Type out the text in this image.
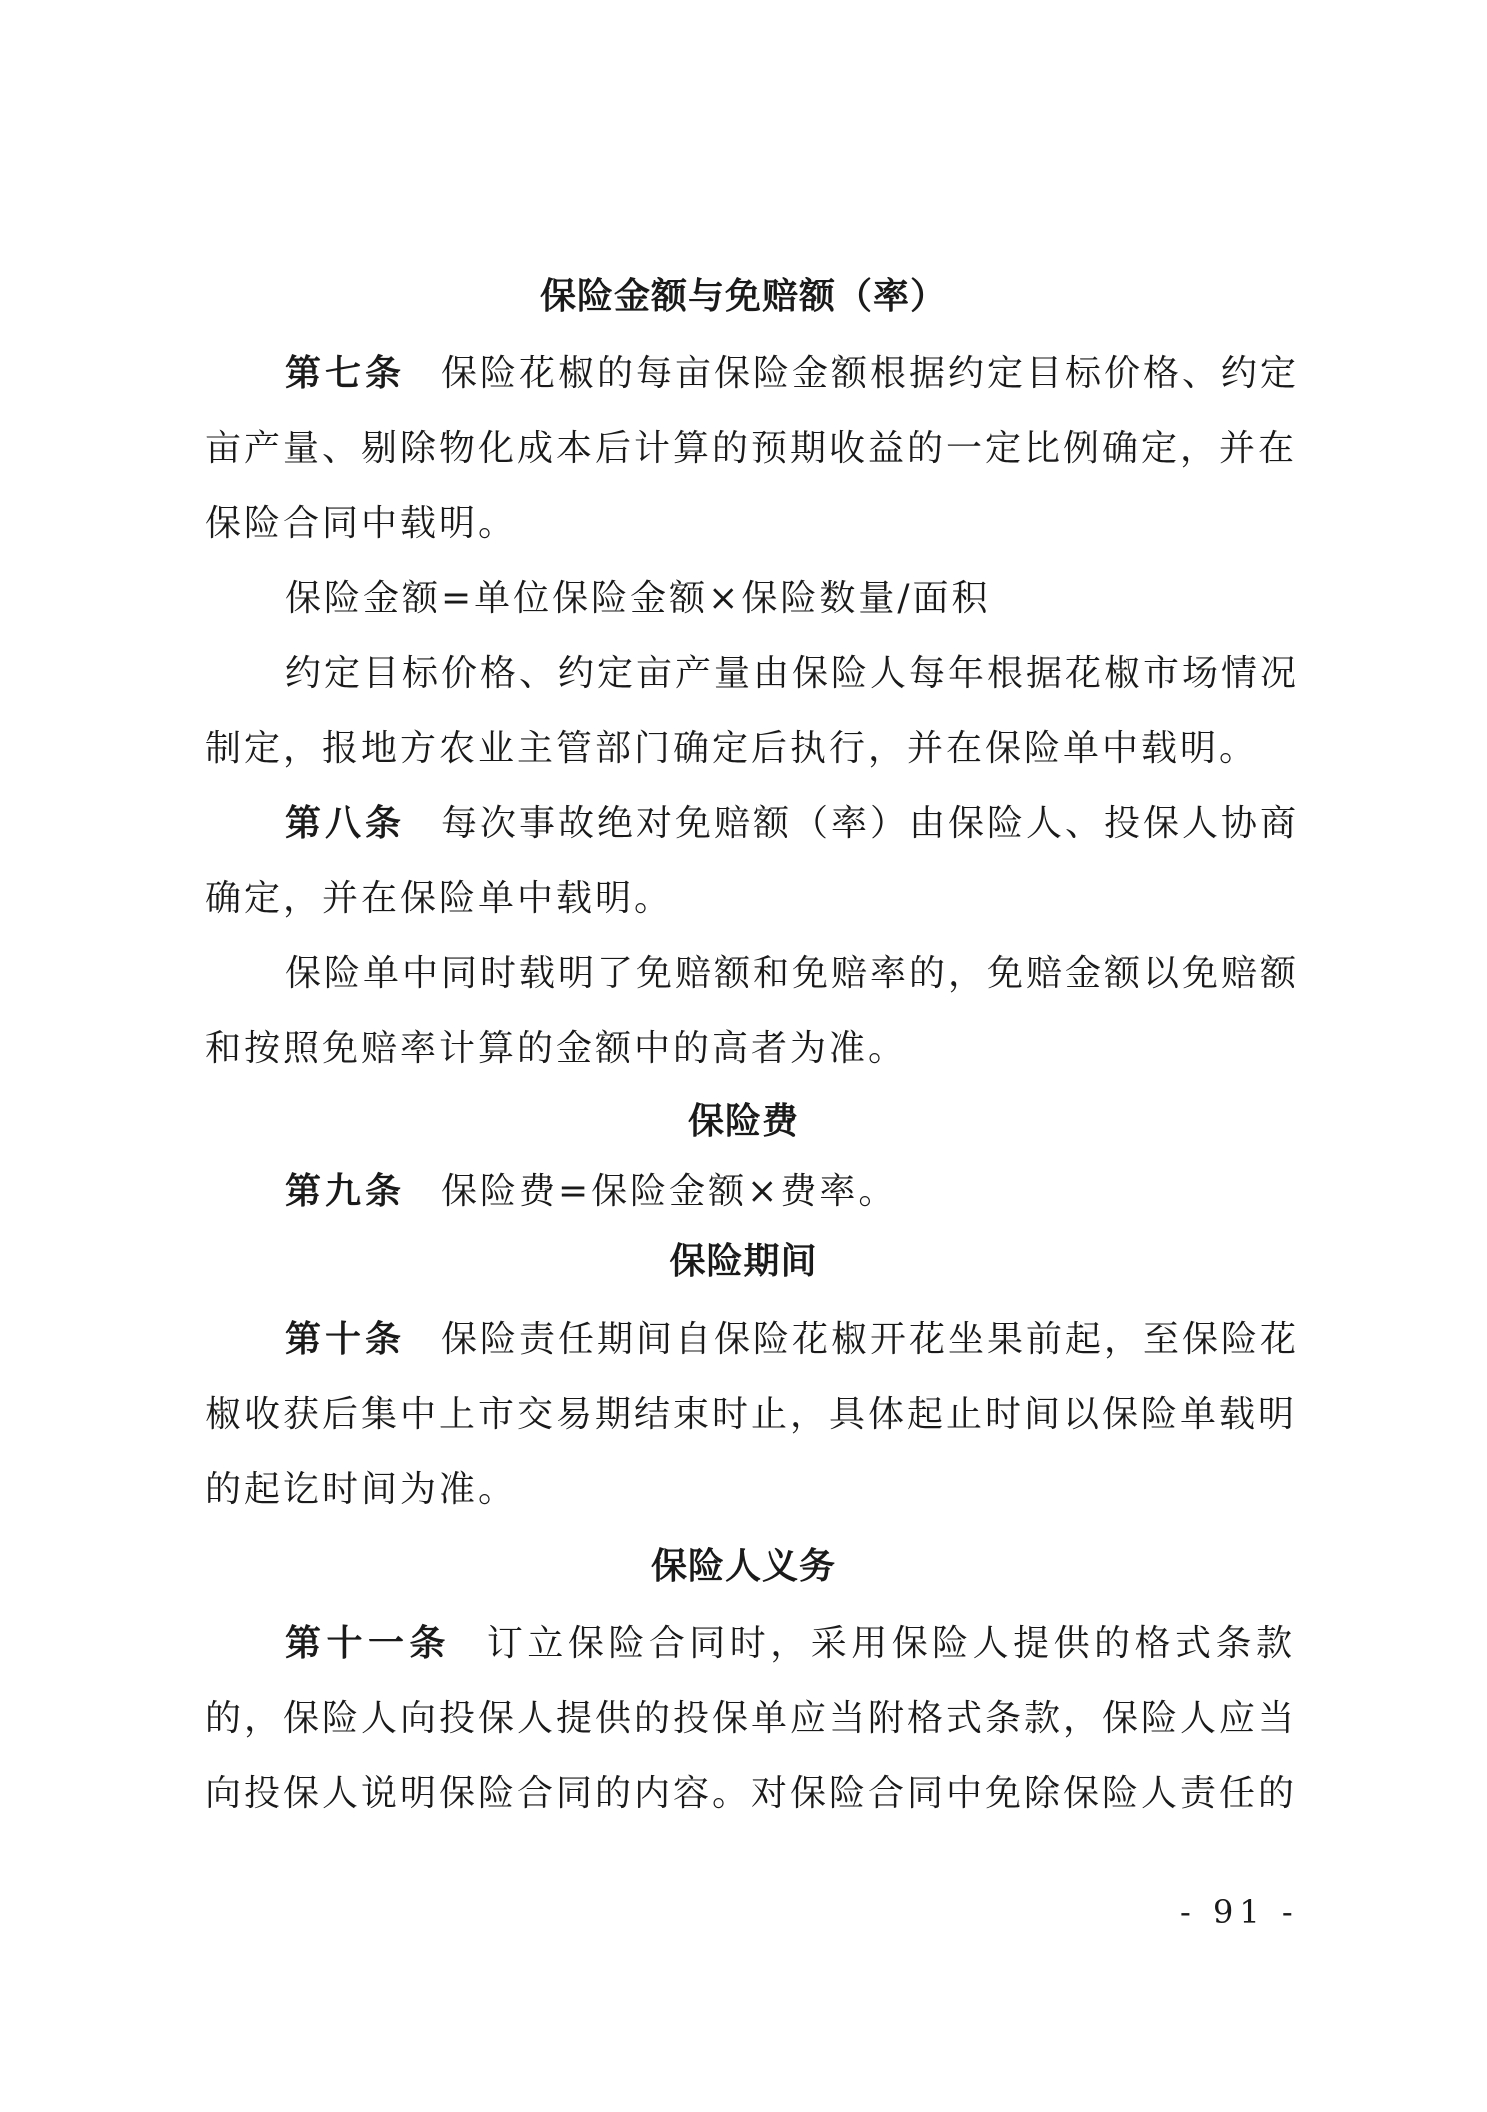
保险金额与免赔额（率）
第七条 保险花椒的每亩保险金额根据约定目标价格、约定
亩产量、剔除物化成本后计算的预期收益的一定比例确定，并在
保险合同中载明。
保险金额=单位保险金额×保险数量/面积
约定目标价格、约定亩产量由保险人每年根据花椒市场情况
制定，报地方农业主管部门确定后执行，并在保险单中载明。
第八条 每次事故绝对免赔额（率）由保险人、投保人协商
确定，并在保险单中载明。
保险单中同时载明了免赔额和免赔率的，免赔金额以免赔额
和按照免赔率计算的金额中的高者为准。
保险费
第九条 保险费=保险金额×费率。
保险期间
第十条 保险责任期间自保险花椒开花坐果前起，至保险花
椒收获后集中上市交易期结束时止，具体起止时间以保险单载明
的起讫时间为准。
保险人义务
第十一条 订立保险合同时，采用保险人提供的格式条款
的，保险人向投保人提供的投保单应当附格式条款，保险人应当
向投保人说明保险合同的内容。对保险合同中免除保险人责任的
- 91 -
